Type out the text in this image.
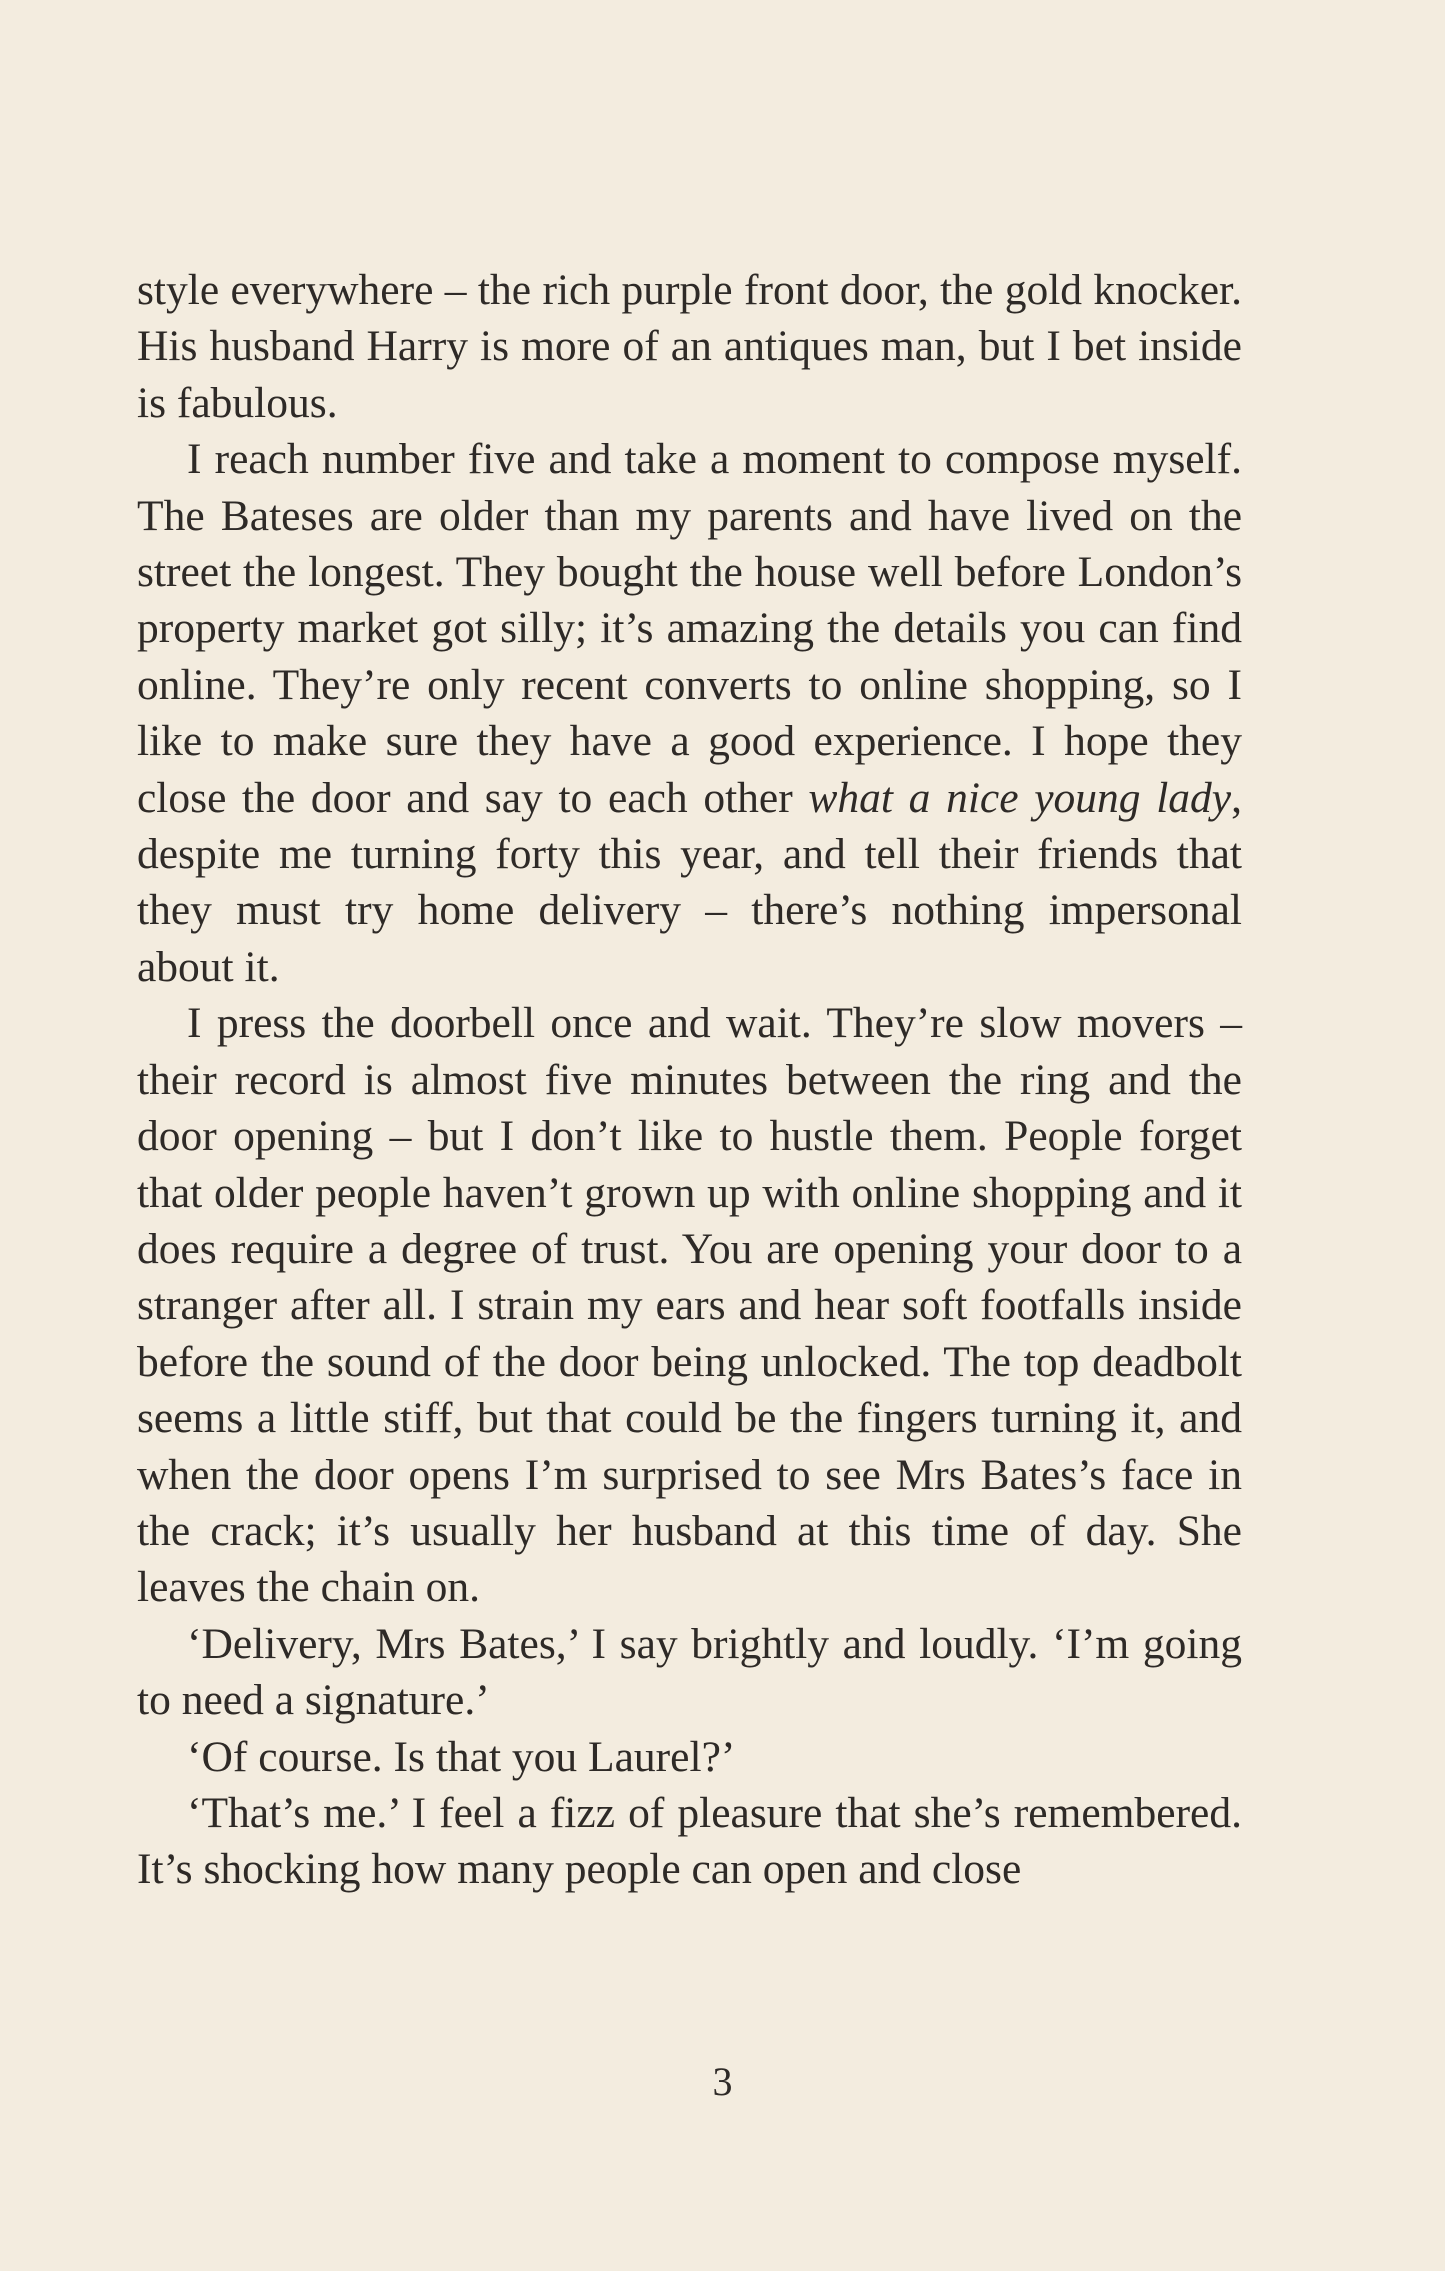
style everywhere – the rich purple front door, the gold knocker. His husband Harry is more of an antiques man, but I bet inside is fabulous.

I reach number five and take a moment to compose myself. The Bateses are older than my parents and have lived on the street the longest. They bought the house well before London’s property market got silly; it’s amazing the details you can find online. They’re only recent converts to online shopping, so I like to make sure they have a good experience. I hope they close the door and say to each other what a nice young lady, despite me turning forty this year, and tell their friends that they must try home delivery – there’s nothing impersonal about it.

I press the doorbell once and wait. They’re slow movers – their record is almost five minutes between the ring and the door opening – but I don’t like to hustle them. People forget that older people haven’t grown up with online shopping and it does require a degree of trust. You are opening your door to a stranger after all. I strain my ears and hear soft footfalls inside before the sound of the door being unlocked. The top deadbolt seems a little stiff, but that could be the fingers turning it, and when the door opens I’m surprised to see Mrs Bates’s face in the crack; it’s usually her husband at this time of day. She leaves the chain on.

‘Delivery, Mrs Bates,’ I say brightly and loudly. ‘I’m going to need a signature.’

‘Of course. Is that you Laurel?’

‘That’s me.’ I feel a fizz of pleasure that she’s remembered. It’s shocking how many people can open and close

3
